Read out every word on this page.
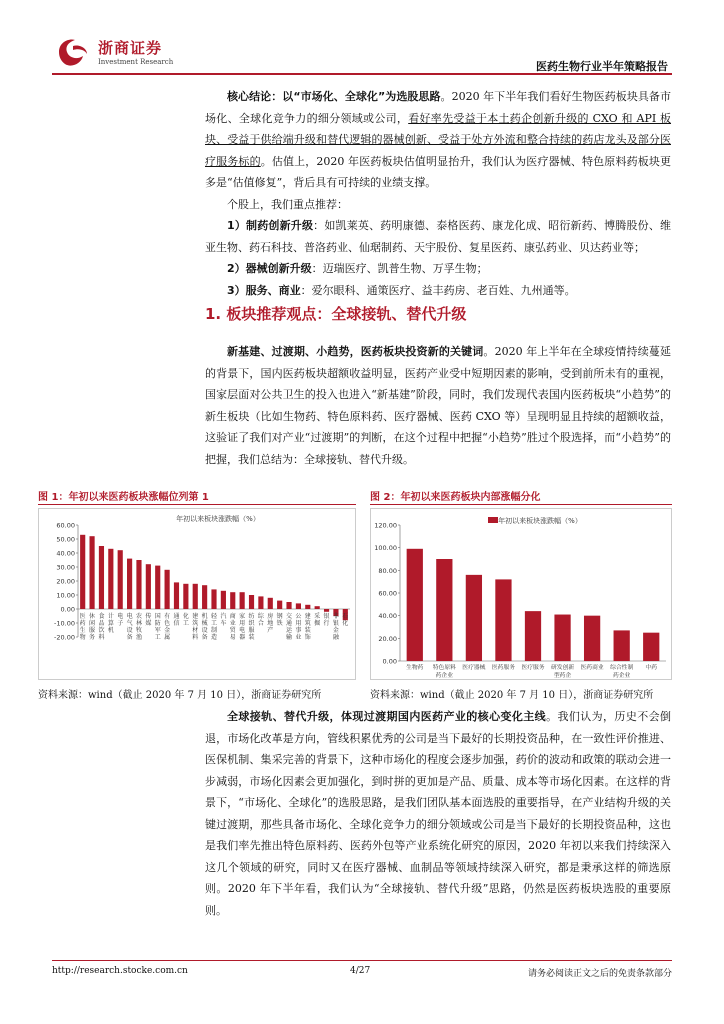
浙商证券
Investment Research	医药生物行业半年策略报告

核心结论：以“市场化、全球化”为选股思路。2020 年下半年我们看好生物医药板块具备市场化、全球化竞争力的细分领域或公司，看好率先受益于本土药企创新升级的 CXO 和 API 板块、受益于供给端升级和替代逻辑的器械创新、受益于处方外流和整合持续的药店龙头及部分医疗服务标的。估值上，2020 年医药板块估值明显抬升，我们认为医疗器械、特色原料药板块更多是“估值修复”，背后具有可持续的业绩支撑。

个股上，我们重点推荐：

1）制药创新升级：如凯莱英、药明康德、泰格医药、康龙化成、昭衍新药、博腾股份、维亚生物、药石科技、普洛药业、仙琚制药、天宇股份、复星医药、康弘药业、贝达药业等；

2）器械创新升级：迈瑞医疗、凯普生物、万孚生物；

3）服务、商业：爱尔眼科、通策医疗、益丰药房、老百姓、九州通等。

1. 板块推荐观点：全球接轨、替代升级

新基建、过渡期、小趋势，医药板块投资新的关键词。2020 年上半年在全球疫情持续蔓延的背景下，国内医药板块超额收益明显，医药产业受中短期因素的影响，受到前所未有的重视，国家层面对公共卫生的投入也进入“新基建”阶段，同时，我们发现代表国内医药板块“小趋势”的新生板块（比如生物药、特色原料药、医疗器械、医药 CXO 等）呈现明显且持续的超额收益，这验证了我们对产业“过渡期”的判断，在这个过程中把握“小趋势”胜过个股选择，而“小趋势”的把握，我们总结为：全球接轨、替代升级。

图 1：年初以来医药板块涨幅位列第 1
年初以来板块涨跌幅（%）
60.00
50.00
40.00
30.00
20.00
10.00
0.00
-10.00
-20.00
医药生物
休闲服务
食品饮料
计算机
电子
电气设备
农林牧渔
传媒
国防军工
有色金属
通信
化工
建筑材料
机械设备
轻工制造
汽车
商业贸易
家用电器
纺织服装
综合
房地产
钢铁
交通运输
公用事业
建筑装饰
采掘
银行
非银金融
石化
资料来源：wind（截止 2020 年 7 月 10 日），浙商证券研究所
图 2：年初以来医药板块内部涨幅分化
年初以来板块涨跌幅（%）
120.00
100.00
80.00
60.00
40.00
20.00
0.00
生物药 特色原料药企业
医疗器械 医药服务 医疗服务 研发创新型药企
医药商业 综合性制药企业
中药
资料来源：wind（截止 2020 年 7 月 10 日），浙商证券研究所

全球接轨、替代升级，体现过渡期国内医药产业的核心变化主线。我们认为，历史不会倒退，市场化改革是方向，管线积累优秀的公司是当下最好的长期投资品种，在一致性评价推进、医保机制、集采完善的背景下，这种市场化的程度会逐步加强，药价的波动和政策的联动会进一步减弱，市场化因素会更加强化，到时拼的更加是产品、质量、成本等市场化因素。在这样的背景下，“市场化、全球化”的选股思路，是我们团队基本面选股的重要指导，在产业结构升级的关键过渡期，那些具备市场化、全球化竞争力的细分领域或公司是当下最好的长期投资品种，这也是我们率先推出特色原料药、医药外包等产业系统化研究的原因，2020 年初以来我们持续深入这几个领域的研究，同时又在医疗器械、血制品等领域持续深入研究，都是秉承这样的筛选原则。2020 年下半年看，我们认为“全球接轨、替代升级”思路，仍然是医药板块选股的重要原则。

http://research.stocke.com.cn	4/27	请务必阅读正文之后的免责条款部分
